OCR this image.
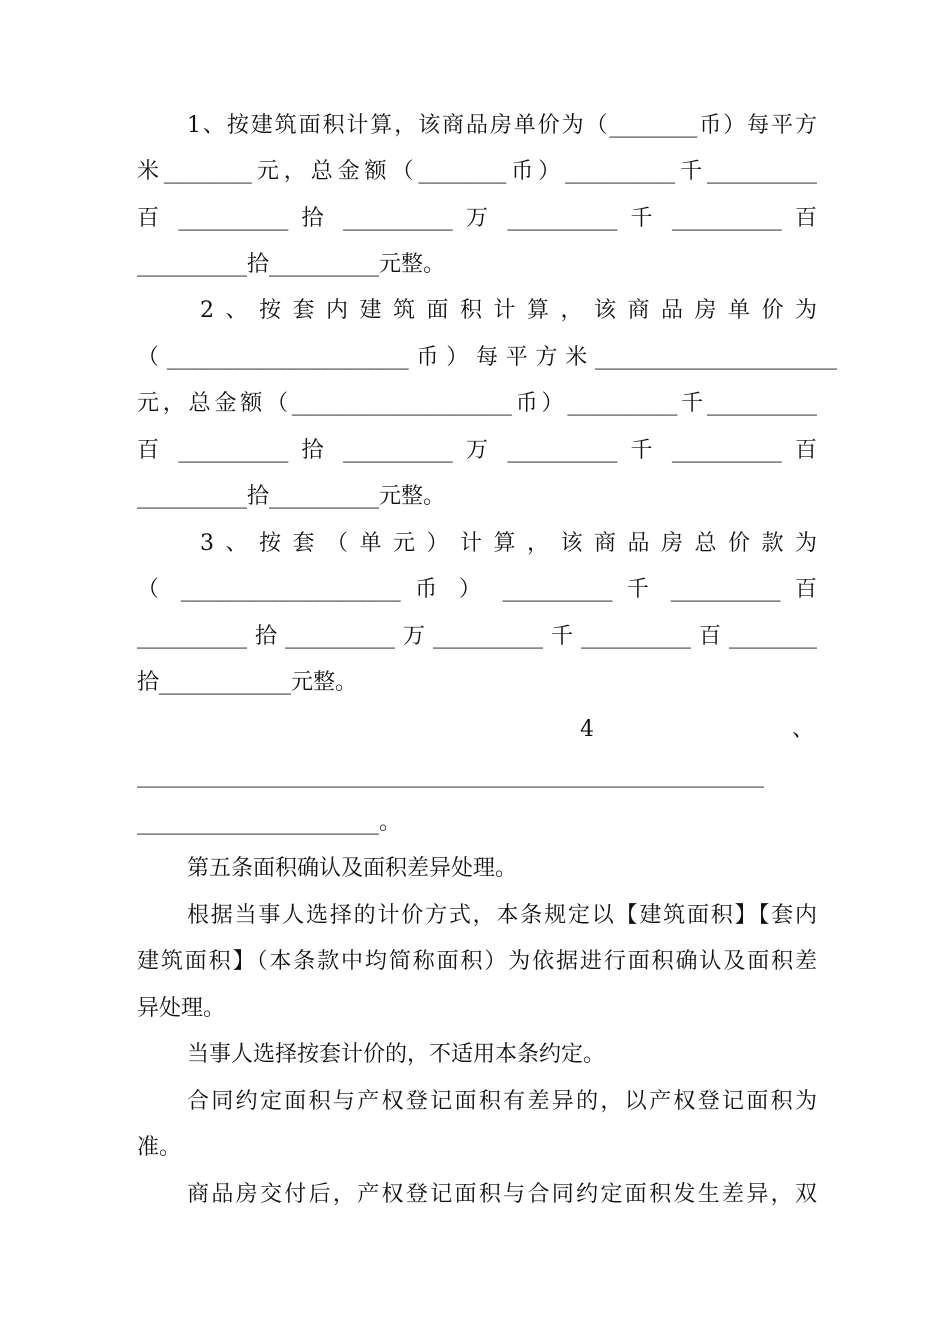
1、按建筑面积计算，该商品房单价为（________币）每平方
米________元，总金额（________币）__________千__________
百 __________ 拾 __________ 万 __________ 千 __________ 百
__________拾__________元整。
2、按套内建筑面积计算，该商品房单价为
（______________________币）每平方米______________________
元，总金额（____________________币）__________千__________
百 __________ 拾 __________ 万 __________ 千 __________ 百
__________拾__________元整。
3、按套（单元）计算，该商品房总价款为
（ ____________________ 币 ） __________ 千 __________ 百
__________拾__________万__________千__________百________
拾____________元整。
4	、
_________________________________________________________
______________________。
第五条面积确认及面积差异处理。
根据当事人选择的计价方式，本条规定以【建筑面积】【套内
建筑面积】（本条款中均简称面积）为依据进行面积确认及面积差
异处理。
当事人选择按套计价的，不适用本条约定。
合同约定面积与产权登记面积有差异的，以产权登记面积为
准。
商品房交付后，产权登记面积与合同约定面积发生差异，双
